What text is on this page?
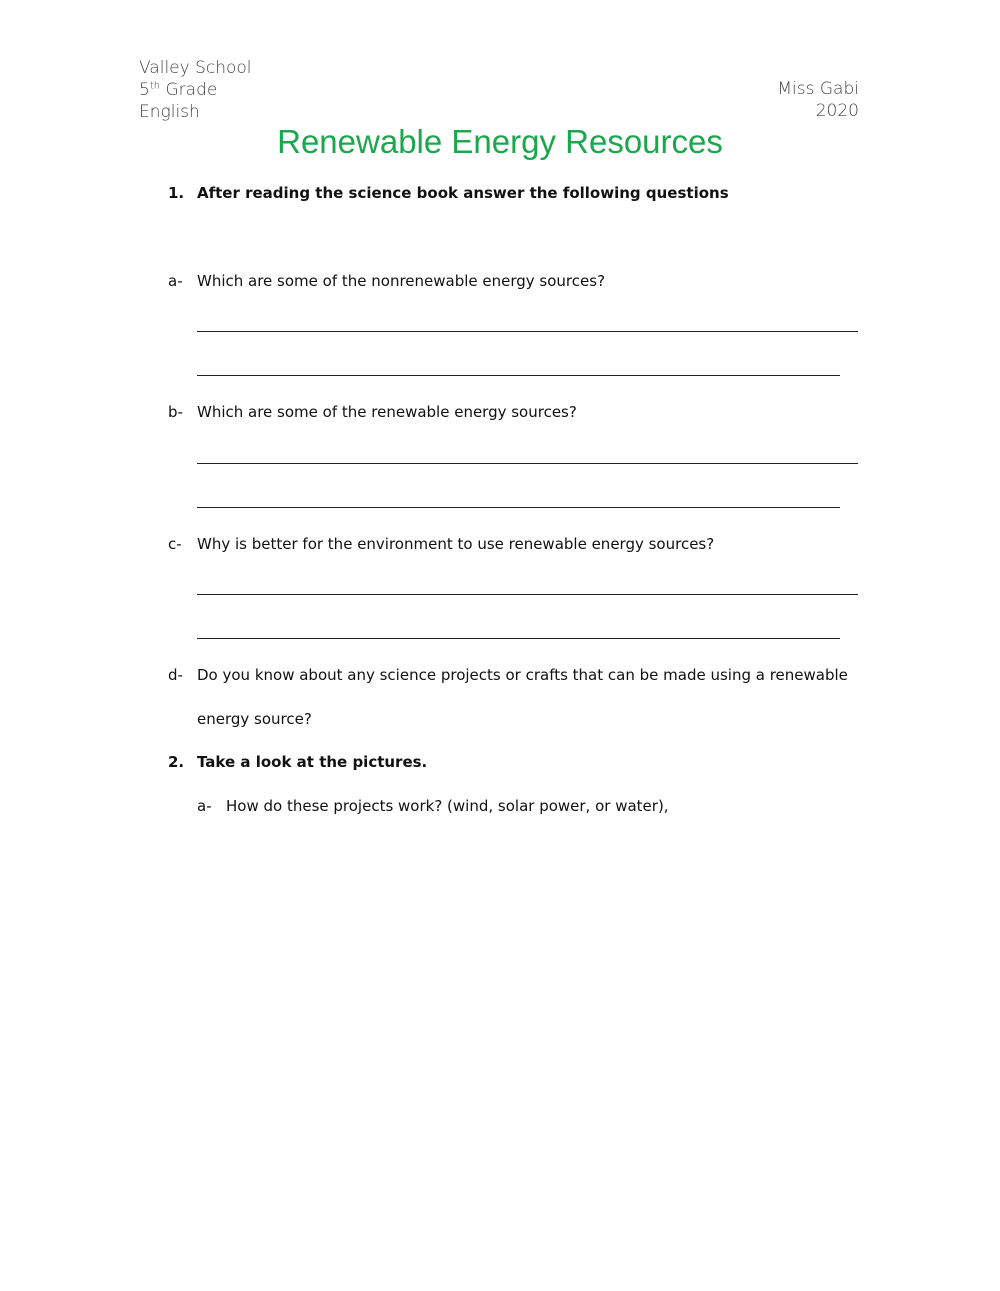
Valley School
5th Grade
English
Miss Gabi
2020
Renewable Energy Resources
1. After reading the science book answer the following questions

a- Which are some of the nonrenewable energy sources?

b- Which are some of the renewable energy sources?

c- Why is better for the environment to use renewable energy sources?

d- Do you know about any science projects or crafts that can be made using a renewable

energy source?

2. Take a look at the pictures.

a- How do these projects work? (wind, solar power, or water),
